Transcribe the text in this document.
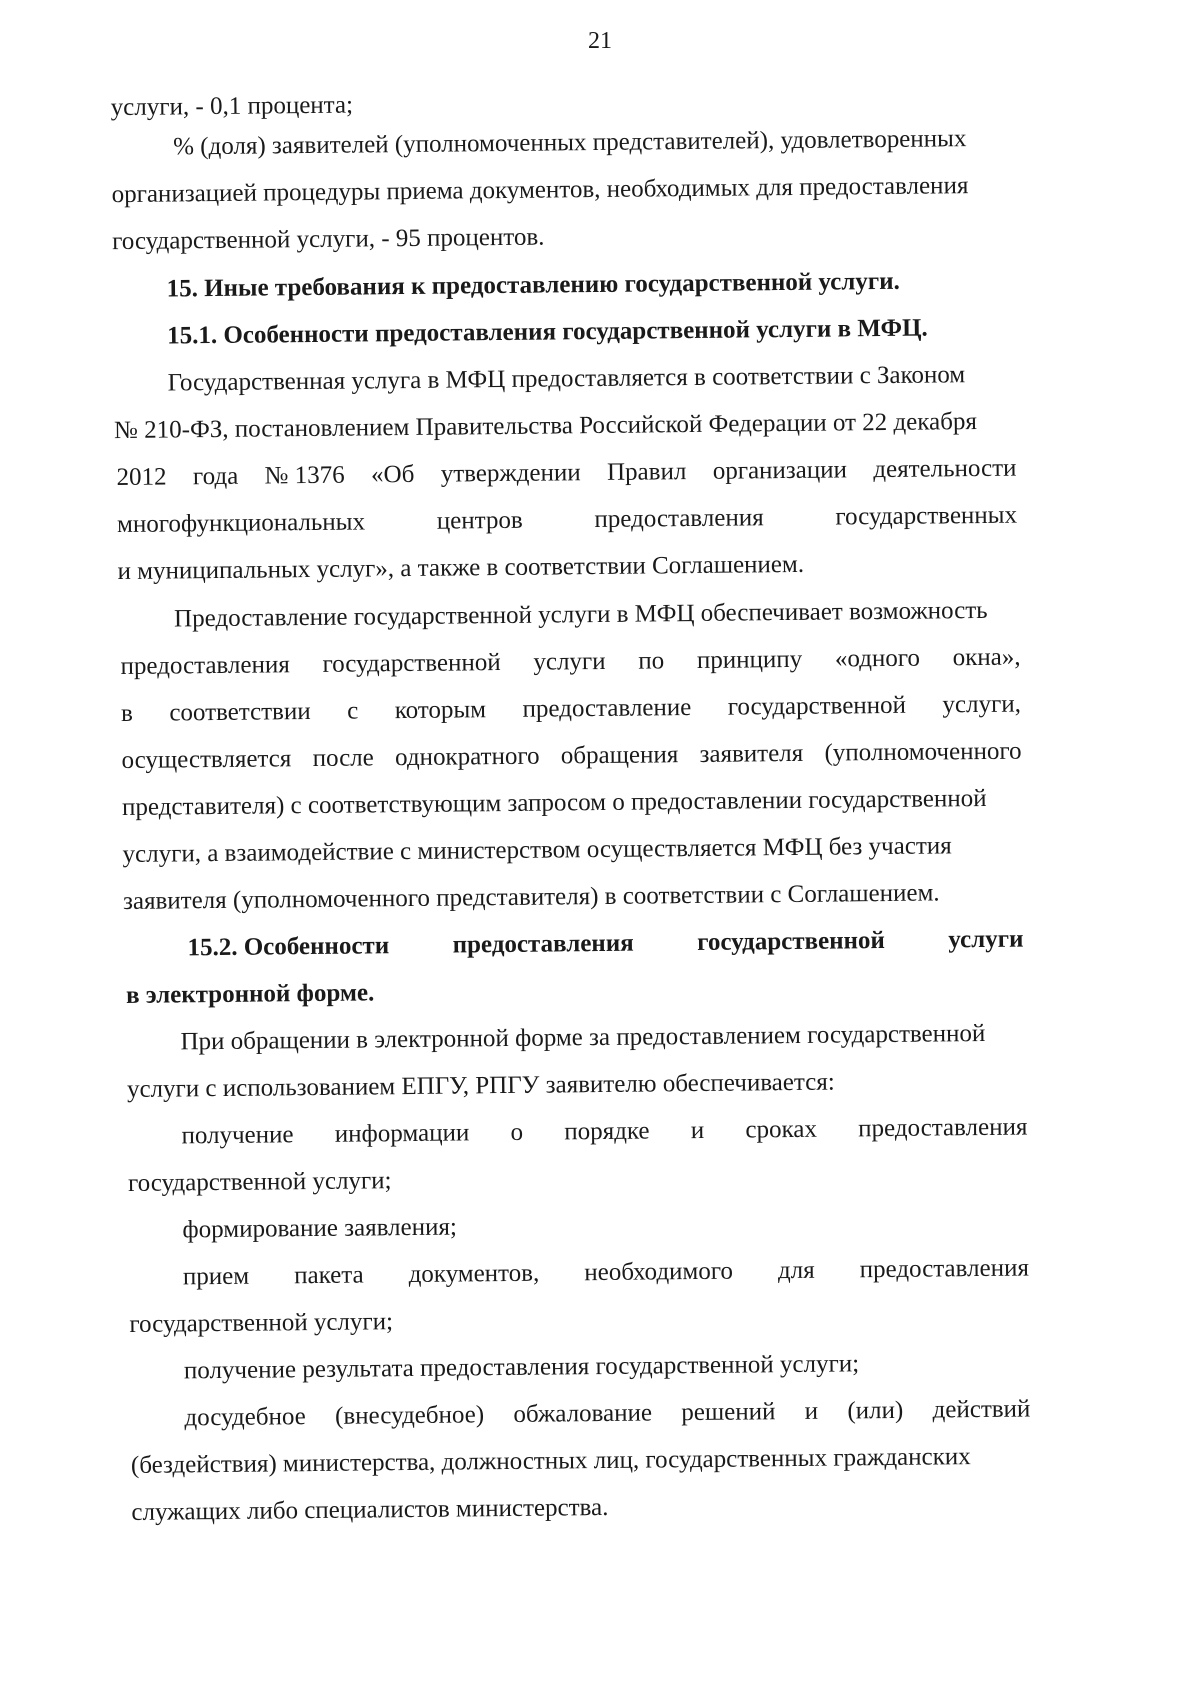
21
услуги, - 0,1 процента;
% (доля) заявителей (уполномоченных представителей), удовлетворенных
организацией процедуры приема документов, необходимых для предоставления
государственной услуги, - 95 процентов.
15. Иные требования к предоставлению государственной услуги.
15.1. Особенности предоставления государственной услуги в МФЦ.
Государственная услуга в МФЦ предоставляется в соответствии с Законом
№ 210-ФЗ, постановлением Правительства Российской Федерации от 22 декабря
2012 года № 1376 «Об утверждении Правил организации деятельности
многофункциональных	центров	предоставления	государственных
и муниципальных услуг», а также в соответствии Соглашением.
Предоставление государственной услуги в МФЦ обеспечивает возможность
предоставления государственной услуги по принципу «одного окна»,
в соответствии с которым предоставление государственной услуги,
осуществляется после однократного обращения заявителя (уполномоченного
представителя) с соответствующим запросом о предоставлении государственной
услуги, а взаимодействие с министерством осуществляется МФЦ без участия
заявителя (уполномоченного представителя) в соответствии с Соглашением.
15.2. Особенности	предоставления	государственной	услуги
в электронной форме.
При обращении в электронной форме за предоставлением государственной
услуги с использованием ЕПГУ, РПГУ заявителю обеспечивается:
получение информации о порядке и сроках предоставления
государственной услуги;
формирование заявления;
прием пакета документов, необходимого для предоставления
государственной услуги;
получение результата предоставления государственной услуги;
досудебное (внесудебное) обжалование решений и (или) действий
(бездействия) министерства, должностных лиц, государственных гражданских
служащих либо специалистов министерства.
